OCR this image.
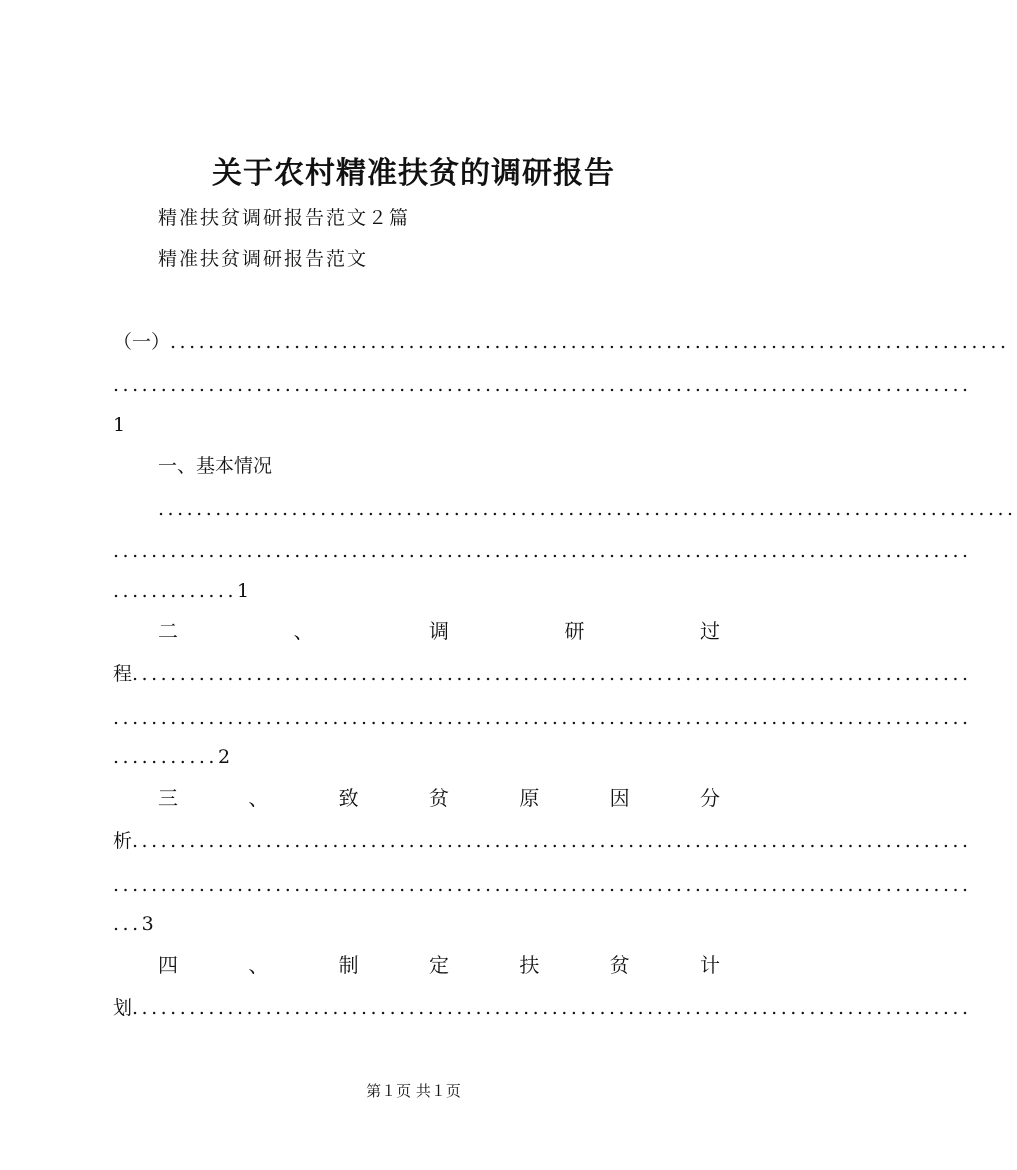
关于农村精准扶贫的调研报告
精准扶贫调研报告范文２篇
精准扶贫调研报告范文
（一）........................................................................................
..........................................................................................
1
一、基本情况
..........................................................................................
..........................................................................................
.............1
二	、	调	研	过
程........................................................................................
..........................................................................................
...........2
三	、	致	贫	原	因	分
析........................................................................................
..........................................................................................
...3
四	、	制	定	扶	贫	计
划........................................................................................
第１页 共１页
